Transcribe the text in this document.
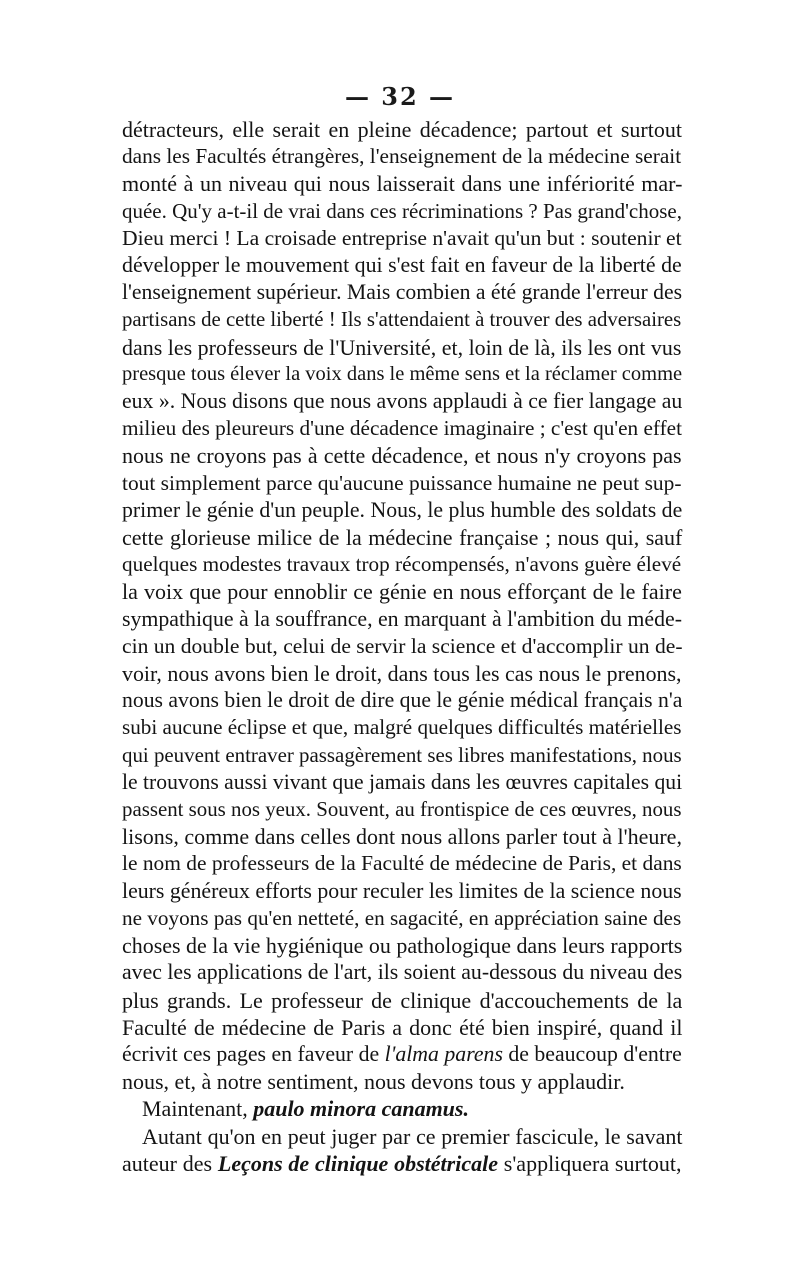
— 32 —
détracteurs, elle serait en pleine décadence; partout et surtout
dans les Facultés étrangères, l'enseignement de la médecine serait
monté à un niveau qui nous laisserait dans une infériorité mar-
quée. Qu'y a-t-il de vrai dans ces récriminations ? Pas grand'chose,
Dieu merci ! La croisade entreprise n'avait qu'un but : soutenir et
développer le mouvement qui s'est fait en faveur de la liberté de
l'enseignement supérieur. Mais combien a été grande l'erreur des
partisans de cette liberté ! Ils s'attendaient à trouver des adversaires
dans les professeurs de l'Université, et, loin de là, ils les ont vus
presque tous élever la voix dans le même sens et la réclamer comme
eux ». Nous disons que nous avons applaudi à ce fier langage au
milieu des pleureurs d'une décadence imaginaire ; c'est qu'en effet
nous ne croyons pas à cette décadence, et nous n'y croyons pas
tout simplement parce qu'aucune puissance humaine ne peut sup-
primer le génie d'un peuple. Nous, le plus humble des soldats de
cette glorieuse milice de la médecine française ; nous qui, sauf
quelques modestes travaux trop récompensés, n'avons guère élevé
la voix que pour ennoblir ce génie en nous efforçant de le faire
sympathique à la souffrance, en marquant à l'ambition du méde-
cin un double but, celui de servir la science et d'accomplir un de-
voir, nous avons bien le droit, dans tous les cas nous le prenons,
nous avons bien le droit de dire que le génie médical français n'a
subi aucune éclipse et que, malgré quelques difficultés matérielles
qui peuvent entraver passagèrement ses libres manifestations, nous
le trouvons aussi vivant que jamais dans les œuvres capitales qui
passent sous nos yeux. Souvent, au frontispice de ces œuvres, nous
lisons, comme dans celles dont nous allons parler tout à l'heure,
le nom de professeurs de la Faculté de médecine de Paris, et dans
leurs généreux efforts pour reculer les limites de la science nous
ne voyons pas qu'en netteté, en sagacité, en appréciation saine des
choses de la vie hygiénique ou pathologique dans leurs rapports
avec les applications de l'art, ils soient au-dessous du niveau des
plus grands. Le professeur de clinique d'accouchements de la
Faculté de médecine de Paris a donc été bien inspiré, quand il
écrivit ces pages en faveur de l'alma parens de beaucoup d'entre
nous, et, à notre sentiment, nous devons tous y applaudir.
Maintenant, paulo minora canamus.
Autant qu'on en peut juger par ce premier fascicule, le savant
auteur des Leçons de clinique obstétricale s'appliquera surtout,
